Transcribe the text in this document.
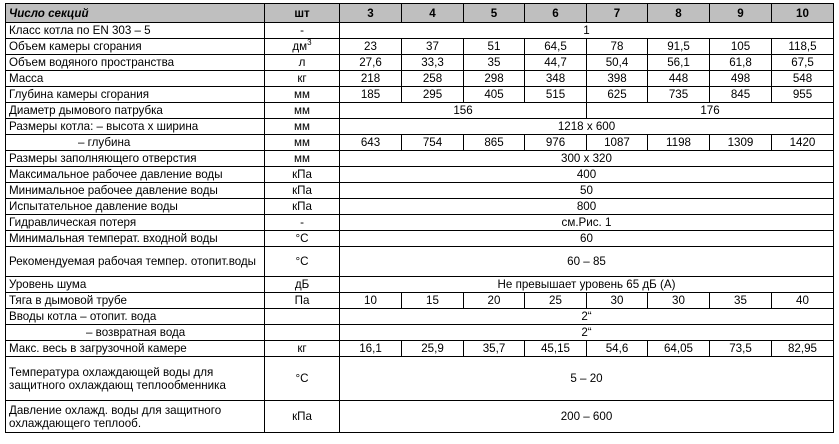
Число секций	шт	3	4	5	6	7	8	9	10
Класс котла по EN 303 – 5	-	1							
Объем камеры сгорания	$дм^3$	23	37	51	64,5	78	91,5	105	118,5
Объем водяного пространства	л	27,6	33,3	35	44,7	50,4	56,1	61,8	67,5
Масса	кг	218	258	298	348	398	448	498	548
Глубина камеры сгорания	мм	185	295	405	515	625	735	845	955
Диаметр дымового патрубка	мм	156				176			
Размеры котла: – высота х ширина	мм	1218 х 600							
– глубина	мм	643	754	865	976	1087	1198	1309	1420
Размеры заполняющего отверстия	мм	300 х 320							
Максимальное рабочее давление воды	кПа	400							
Минимальное рабочее давление воды	кПа	50							
Испытательное давление воды	кПа	800							
Гидравлическая потеря	-	см.Рис. 1							
Минимальная температ. входной воды	°С	60							
Рекомендуемая рабочая темпер. отопит.воды	°С	60 – 85							
Уровень шума	дБ	Не превышает уровень 65 дБ (А)							
Тяга в дымовой трубе	Па	10	15	20	25	30	30	35	40
Вводы котла – отопит. вода		2“							
– возвратная вода		2“							
Макс. весь в загрузочной камере	кг	16,1	25,9	35,7	45,15	54,6	64,05	73,5	82,95
Температура охлаждающей воды для защитного охлаждающ теплообменника	°С	5 – 20							
Давление охлажд. воды для защитного охлаждающего теплооб.	кПа	200 – 600							
